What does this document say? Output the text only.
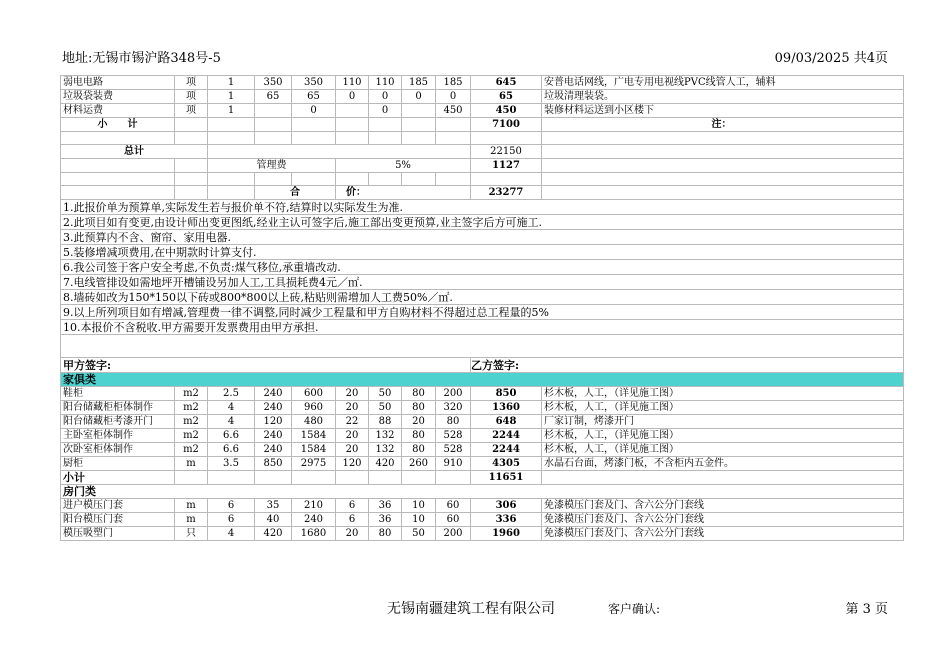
地址:无锡市锡沪路348号-5	09/03/2025 共4页
弱电电路	项	1	350	350	110	110	185	185	645	安普电话网线，广电专用电视线PVC线管人工，辅料
垃圾袋装费	项	1	65	65	0	0	0	0	65	垃圾清理装袋。
材料运费	项	1		0		0		450	450	装修材料运送到小区楼下
小　　计									7100	注：

总计									22150	
		管理费			5%				1127	

			合		价：				23277	
1.此报价单为预算单,实际发生若与报价单不符,结算时以实际发生为准.										
2.此项目如有变更,由设计师出变更图纸,经业主认可签字后,施工部出变更预算,业主签字后方可施工.										
3.此预算内不含、窗帘、家用电器.										
5.装修增减项费用,在中期款时计算支付.										
6.我公司签于客户安全考虑,不负责:煤气移位,承重墙改动.										
7.电线管排设如需地坪开槽铺设另加人工,工具损耗费4元／㎡.										
8.墙砖如改为150*150以下砖或800*800以上砖,粘贴则需增加人工费50%／㎡.										
9.以上所列项目如有增减,管理费一律不调整,同时减少工程量和甲方自购材料不得超过总工程量的5%										
10.本报价不含税收.甲方需要开发票费用由甲方承担.										

甲方签字:									乙方签字:	
家俱类										
鞋柜	m2	2.5	240	600	20	50	80	200	850	杉木板，人工，（详见施工图）
阳台储藏柜柜体制作	m2	4	240	960	20	50	80	320	1360	杉木板，人工，（详见施工图）
阳台储藏柜考漆开门	m2	4	120	480	22	88	20	80	648	厂家订制，烤漆开门
主卧室柜体制作	m2	6.6	240	1584	20	132	80	528	2244	杉木板，人工，（详见施工图）
次卧室柜体制作	m2	6.6	240	1584	20	132	80	528	2244	杉木板，人工，（详见施工图）
厨柜	m	3.5	850	2975	120	420	260	910	4305	水晶石台面，烤漆门板，不含柜内五金件。
小计									11651	
房门类										
进户模压门套	m	6	35	210	6	36	10	60	306	免漆模压门套及门、含六公分门套线
阳台模压门套	m	6	40	240	6	36	10	60	336	免漆模压门套及门、含六公分门套线
模压吸塑门	只	4	420	1680	20	80	50	200	1960	免漆模压门套及门、含六公分门套线
无锡南疆建筑工程有限公司	客户确认:	第 3 页
